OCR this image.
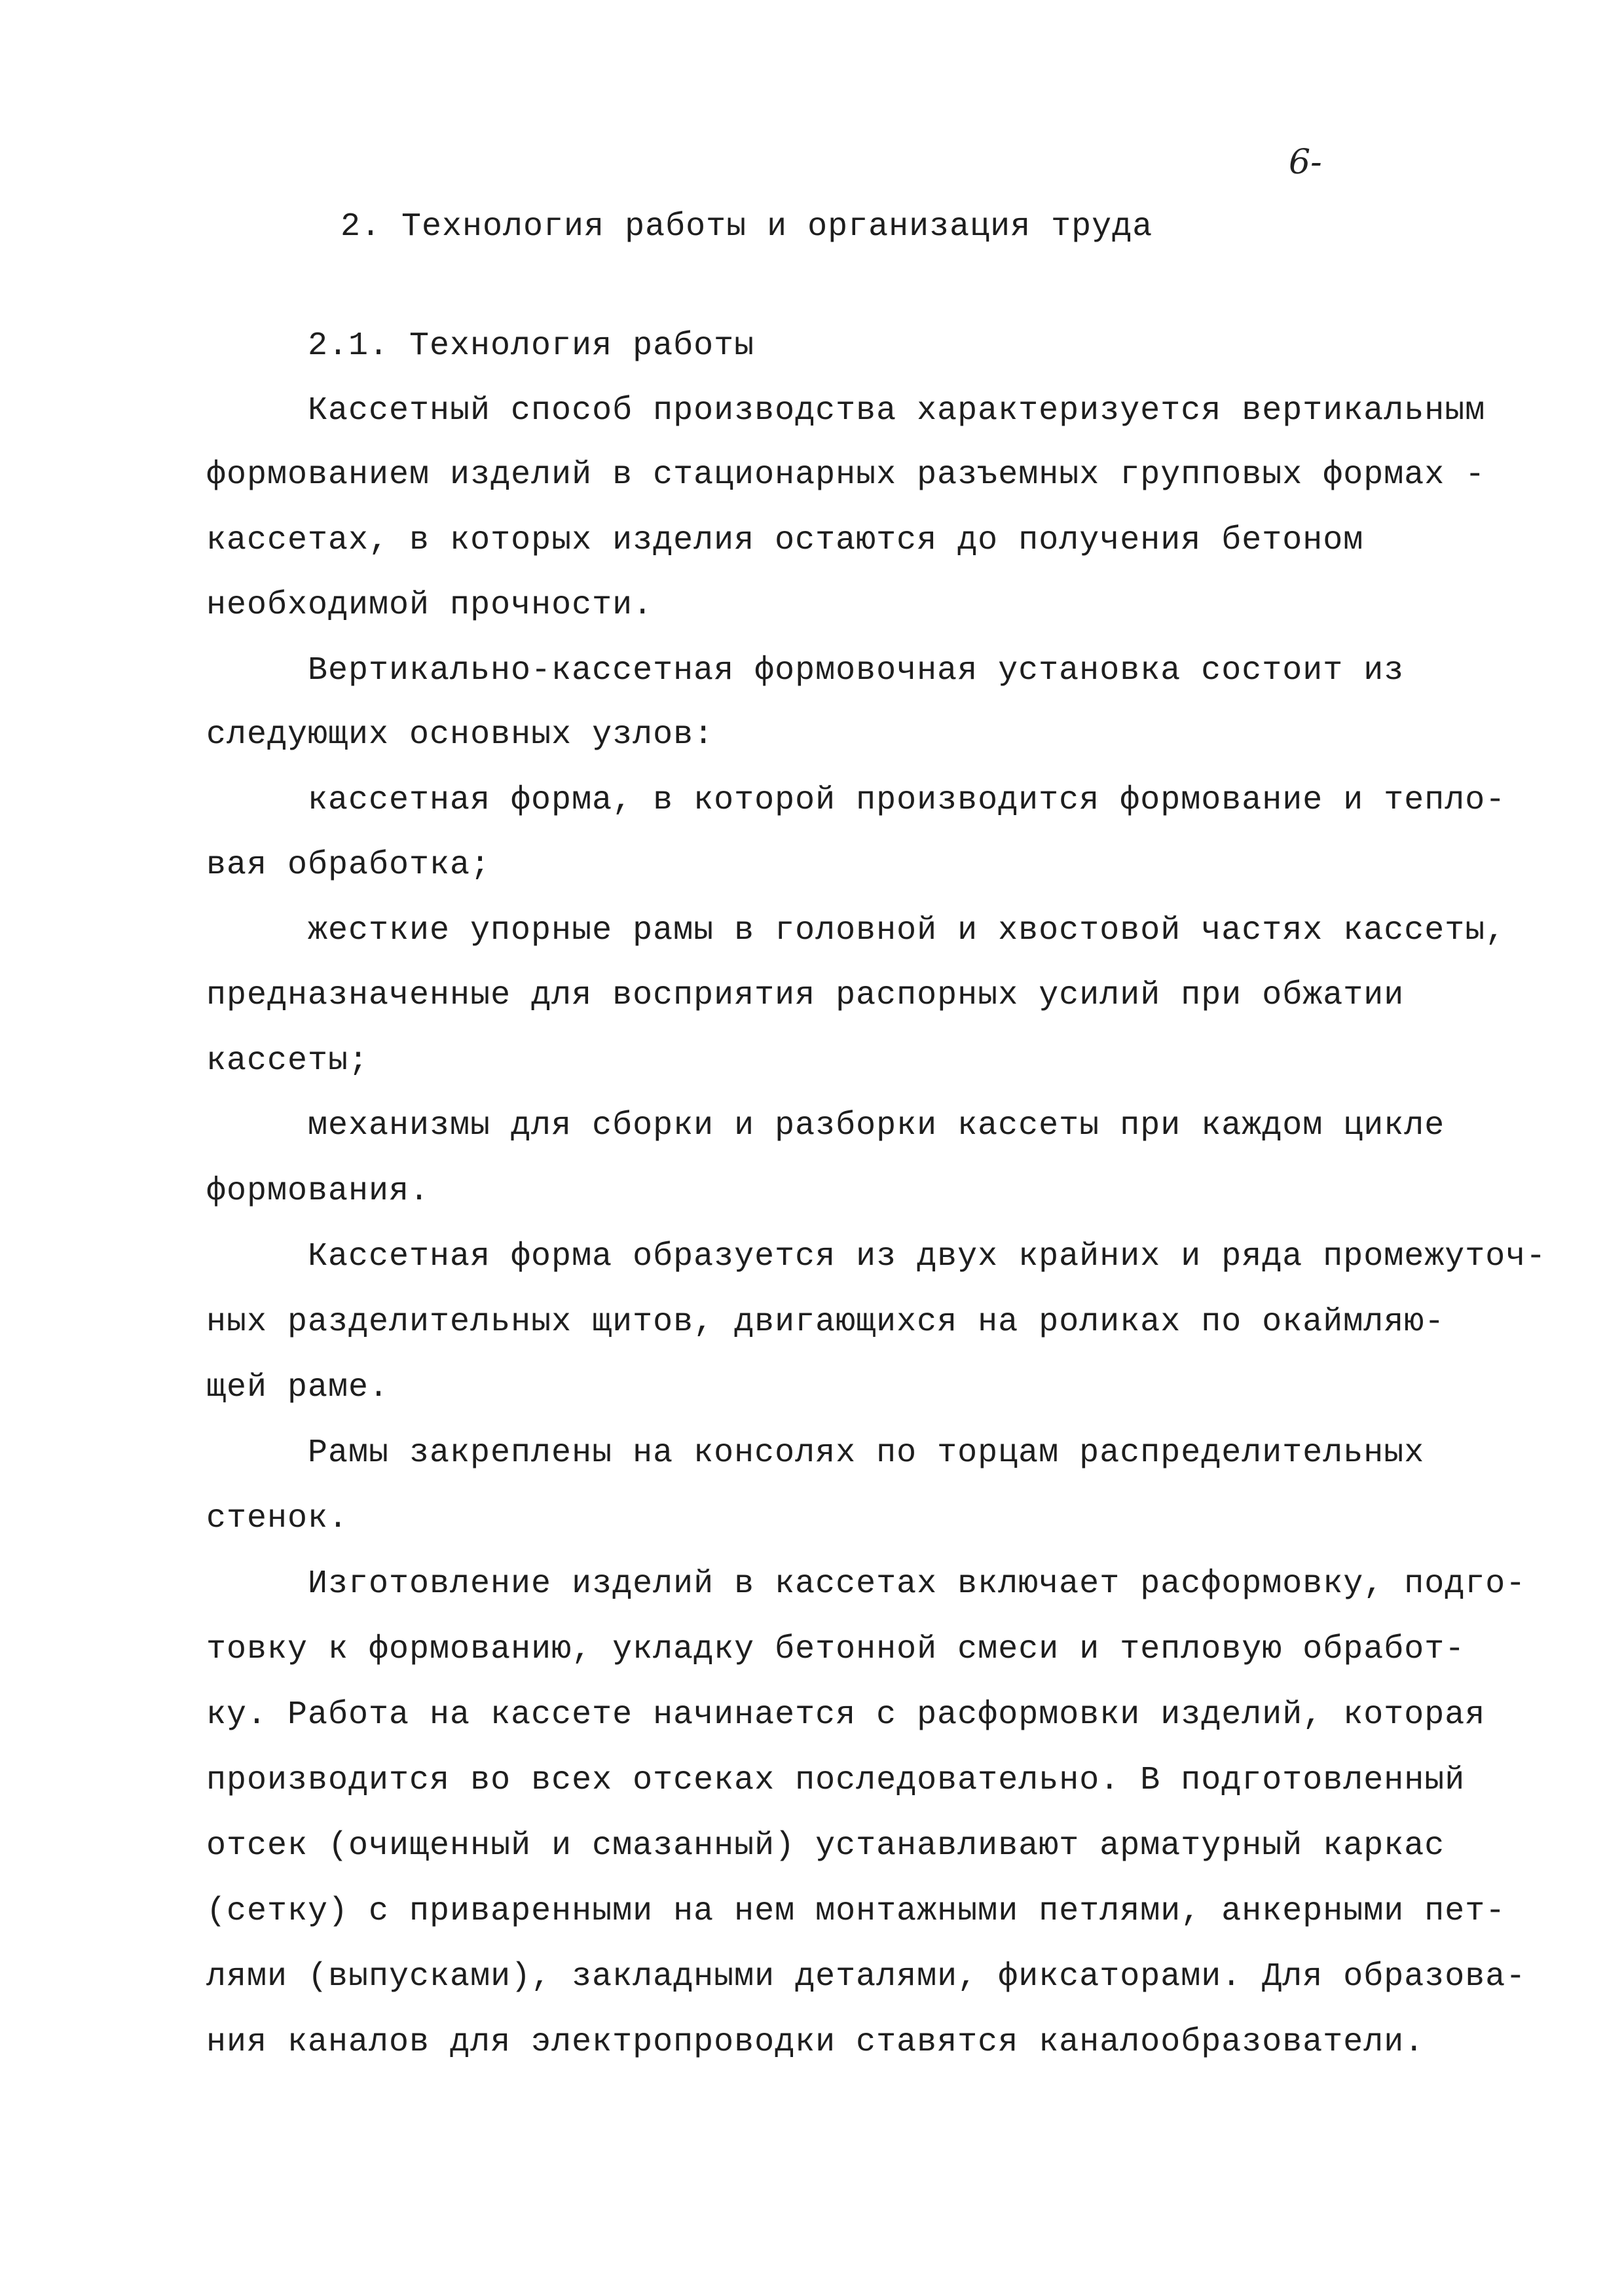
6-
2. Технология работы и организация труда
2.1. Технология работы
Кассетный способ производства характеризуется вертикальным
формованием изделий в стационарных разъемных групповых формах -
кассетах, в которых изделия остаются до получения бетоном
необходимой прочности.
Вертикально-кассетная формовочная установка состоит из
следующих основных узлов:
кассетная форма, в которой производится формование и тепло-
вая обработка;
жесткие упорные рамы в головной и хвостовой частях кассеты,
предназначенные для восприятия распорных усилий при обжатии
кассеты;
механизмы для сборки и разборки кассеты при каждом цикле
формования.
Кассетная форма образуется из двух крайних и ряда промежуточ-
ных разделительных щитов, двигающихся на роликах по окаймляю-
щей раме.
Рамы закреплены на консолях по торцам распределительных
стенок.
Изготовление изделий в кассетах включает расформовку, подго-
товку к формованию, укладку бетонной смеси и тепловую обработ-
ку. Работа на кассете начинается с расформовки изделий, которая
производится во всех отсеках последовательно. В подготовленный
отсек (очищенный и смазанный) устанавливают арматурный каркас
(сетку) с приваренными на нем монтажными петлями, анкерными пет-
лями (выпусками), закладными деталями, фиксаторами. Для образова-
ния каналов для электропроводки ставятся каналообразователи.
